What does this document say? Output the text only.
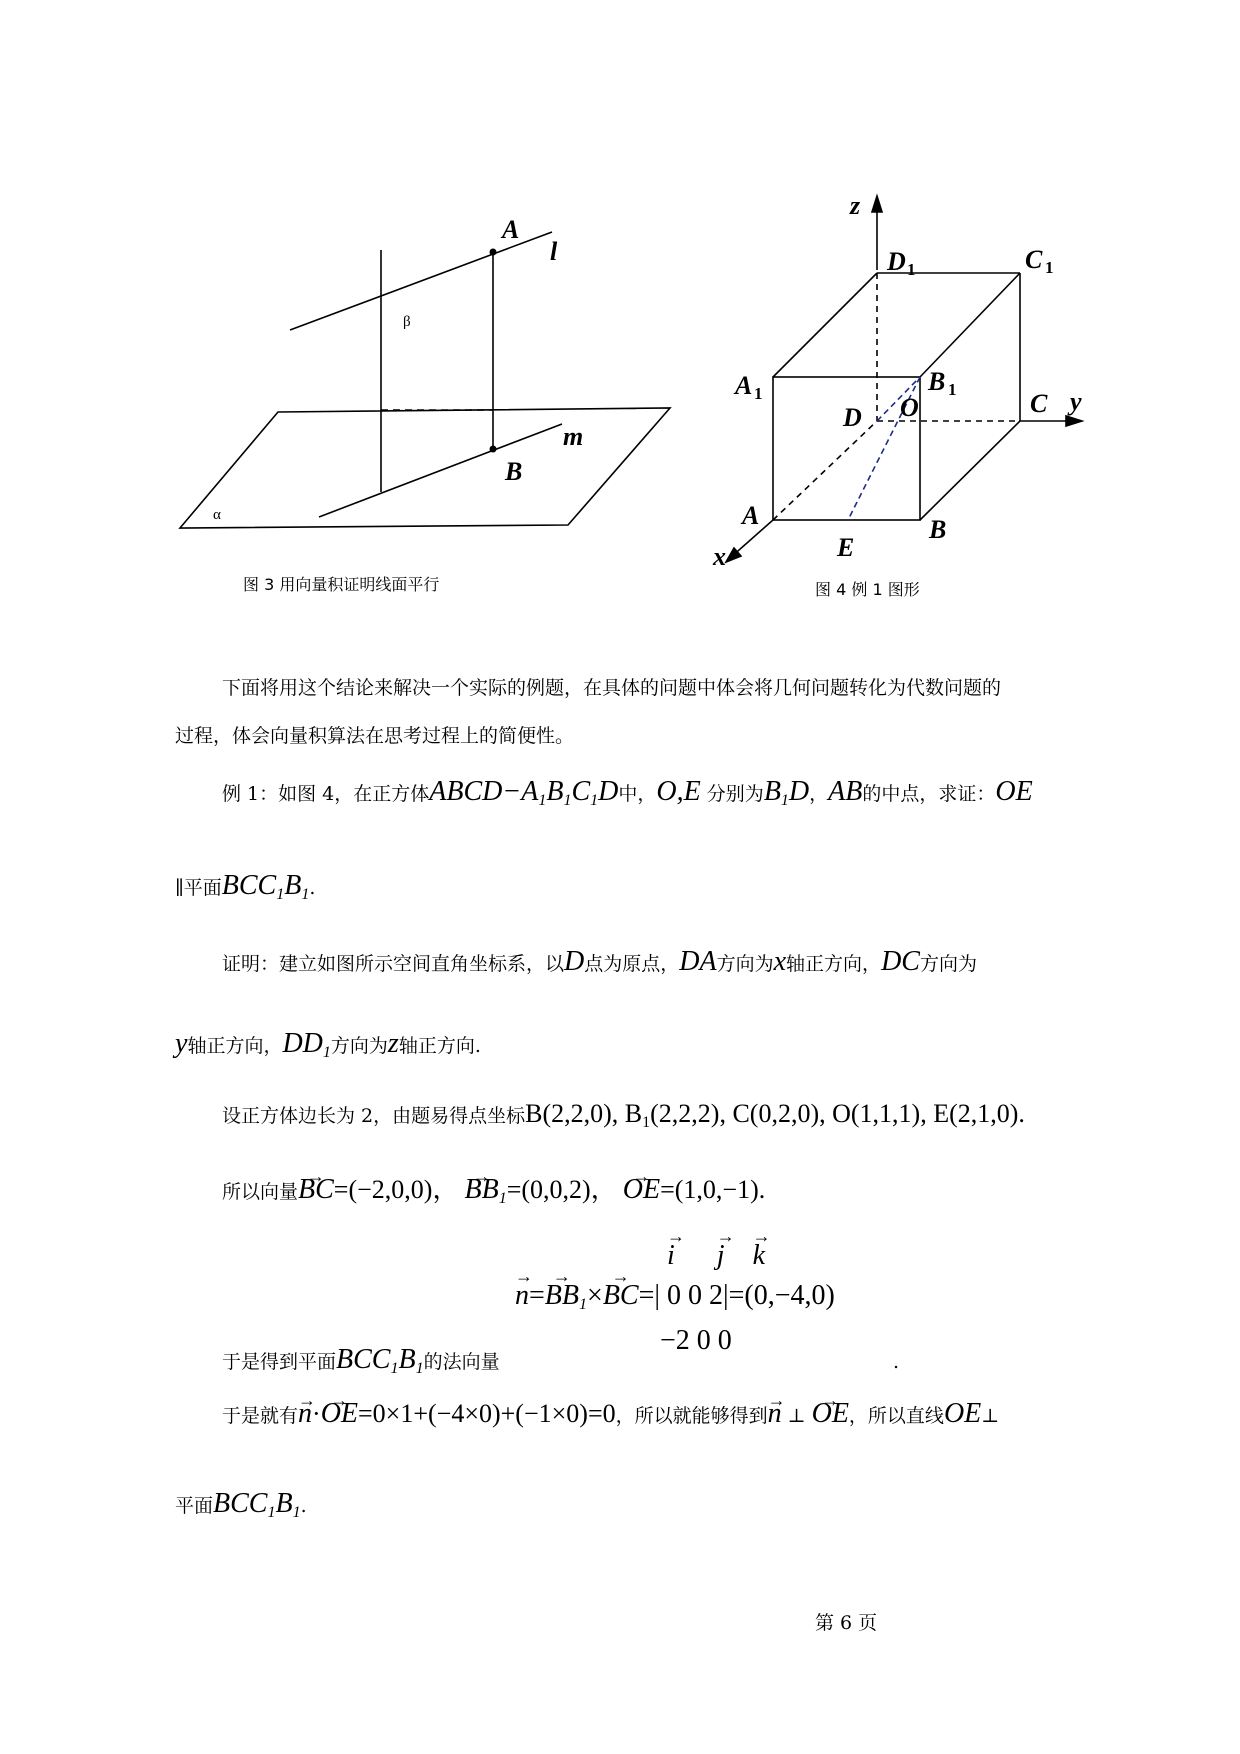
A
l
β
m
B
α
图 3 用向量积证明线面平行
z
D 1	C 1
A 1	B 1	C y
D O
A
E
B
x
图 4 例 1 图形
下面将用这个结论来解决一个实际的例题，在具体的问题中体会将几何问题转化为代数问题的
过程，体会向量积算法在思考过程上的简便性。
例 1：如图 4，在正方体$ABCD-A_1B_1C_1D$中，O,E 分别为$B_1D$，AB的中点，求证：OE
∥平面$BCC_1B_1$.
证明：建立如图所示空间直角坐标系，以D点为原点，DA方向为x轴正方向，DC方向为
y轴正方向，$DD_1$方向为z轴正方向.
设正方体边长为 2，由题易得点坐标B(2,2,0), $B_1(2,2,2)$, C(0,2,0), O(1,1,1), E(2,1,0).
所以向量→ BC=(−2,0,0)， → $BB_1=(0,0,2)$， → OE=(1,0,−1).
→ i → j → k
→ n=→ BB1×→ BC=| 0 0 2|=(0,−4,0)
−2 0 0
于是得到平面$BCC_1B_1$的法向量	.
于是就有→ n·→ OE=0×1+(−4×0)+(−1×0)=0，所以就能够得到→ n ⊥ → OE，所以直线OE⊥
平面$BCC_1B_1$.
第 6 页
